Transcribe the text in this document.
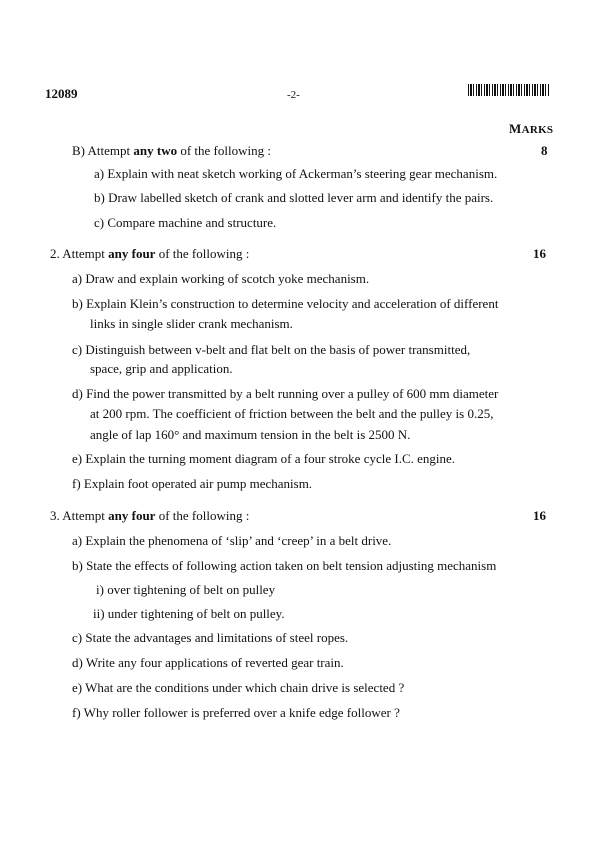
12089	-2-
MARKS
B) Attempt any two of the following :	8
a) Explain with neat sketch working of Ackerman’s steering gear mechanism.
b) Draw labelled sketch of crank and slotted lever arm and identify the pairs.
c) Compare machine and structure.
2. Attempt any four of the following :	16
a) Draw and explain working of scotch yoke mechanism.
b) Explain Klein’s construction to determine velocity and acceleration of different
links in single slider crank mechanism.
c) Distinguish between v-belt and flat belt on the basis of power transmitted,
space, grip and application.
d) Find the power transmitted by a belt running over a pulley of 600 mm diameter
at 200 rpm. The coefficient of friction between the belt and the pulley is 0.25,
angle of lap 160° and maximum tension in the belt is 2500 N.
e) Explain the turning moment diagram of a four stroke cycle I.C. engine.
f) Explain foot operated air pump mechanism.
3. Attempt any four of the following :	16
a) Explain the phenomena of ‘slip’ and ‘creep’ in a belt drive.
b) State the effects of following action taken on belt tension adjusting mechanism
i) over tightening of belt on pulley
ii) under tightening of belt on pulley.
c) State the advantages and limitations of steel ropes.
d) Write any four applications of reverted gear train.
e) What are the conditions under which chain drive is selected ?
f) Why roller follower is preferred over a knife edge follower ?
